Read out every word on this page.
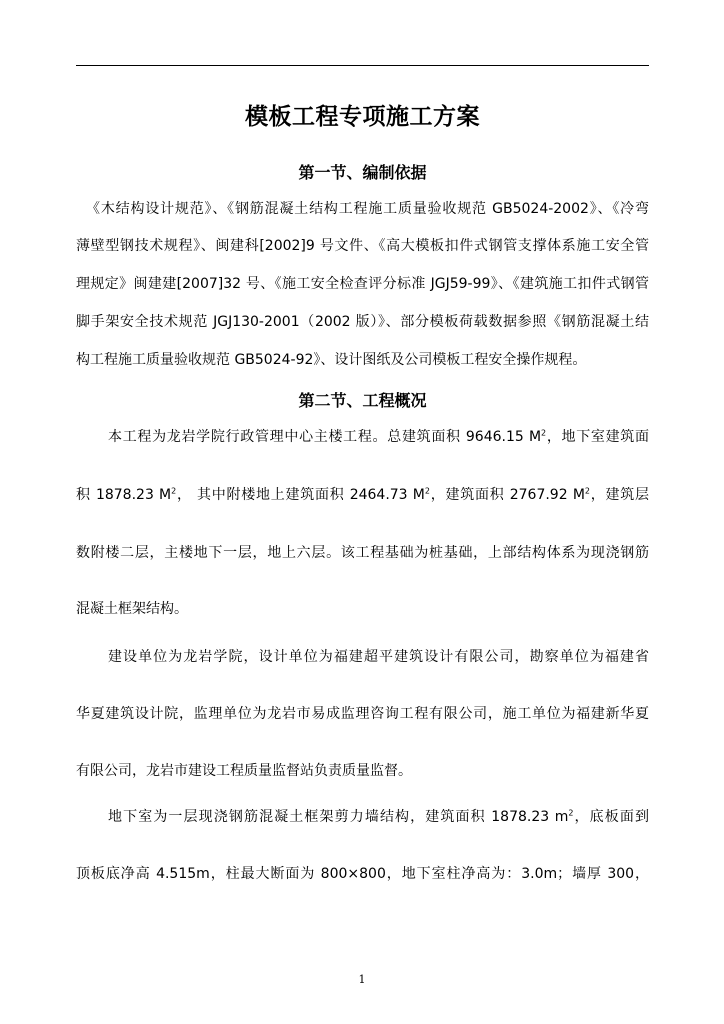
模板工程专项施工方案
第一节、编制依据
《木结构设计规范》、《钢筋混凝土结构工程施工质量验收规范 GB5024-2002》、《冷弯
薄壁型钢技术规程》、闽建科[2002]9 号文件、《高大模板扣件式钢管支撑体系施工安全管
理规定》闽建建[2007]32 号、《施工安全检查评分标准 JGJ59-99》、《建筑施工扣件式钢管
脚手架安全技术规范 JGJ130-2001（2002 版）》、部分模板荷载数据参照《钢筋混凝土结
构工程施工质量验收规范 GB5024-92》、设计图纸及公司模板工程安全操作规程。
第二节、工程概况
本工程为龙岩学院行政管理中心主楼工程。总建筑面积 9646.15 $M^2$，地下室建筑面
积 1878.23 $M^2$， 其中附楼地上建筑面积 2464.73 $M^2$，建筑面积 2767.92 $M^2$，建筑层
数附楼二层，主楼地下一层，地上六层。该工程基础为桩基础，上部结构体系为现浇钢筋
混凝土框架结构。
建设单位为龙岩学院，设计单位为福建超平建筑设计有限公司，勘察单位为福建省
华夏建筑设计院，监理单位为龙岩市易成监理咨询工程有限公司，施工单位为福建新华夏
有限公司，龙岩市建设工程质量监督站负责质量监督。
地下室为一层现浇钢筋混凝土框架剪力墙结构，建筑面积 1878.23 $m^2$，底板面到
顶板底净高 4.515m，柱最大断面为 800×800，地下室柱净高为：3.0m；墙厚 300，
1
